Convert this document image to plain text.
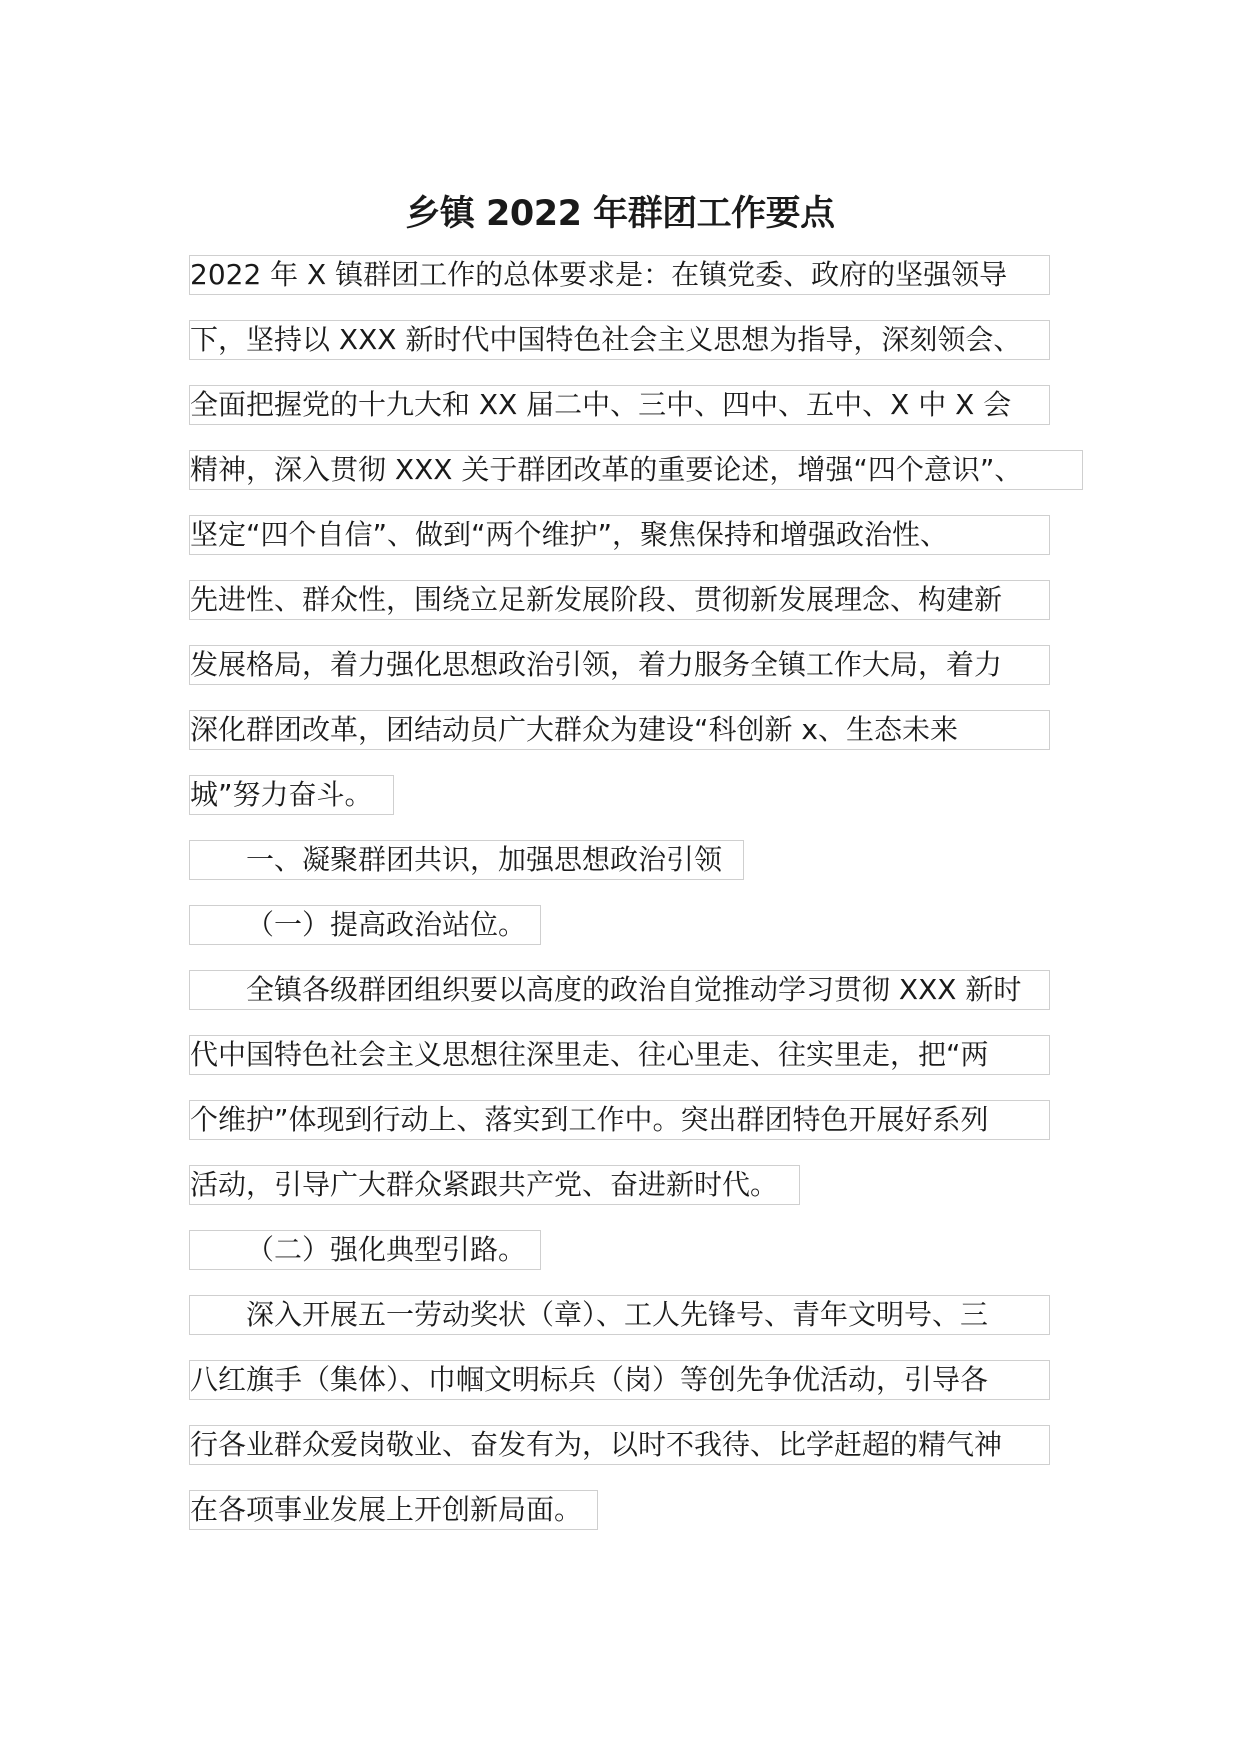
乡镇 2022 年群团工作要点
2022 年 X 镇群团工作的总体要求是：在镇党委、政府的坚强领导
下，坚持以 XXX 新时代中国特色社会主义思想为指导，深刻领会、
全面把握党的十九大和 XX 届二中、三中、四中、五中、X 中 X 会
精神，深入贯彻 XXX 关于群团改革的重要论述，增强“四个意识”、
坚定“四个自信”、做到“两个维护”，聚焦保持和增强政治性、
先进性、群众性，围绕立足新发展阶段、贯彻新发展理念、构建新
发展格局，着力强化思想政治引领，着力服务全镇工作大局，着力
深化群团改革，团结动员广大群众为建设“科创新 x、生态未来
城”努力奋斗。
一、凝聚群团共识，加强思想政治引领
（一）提高政治站位。
全镇各级群团组织要以高度的政治自觉推动学习贯彻 XXX 新时
代中国特色社会主义思想往深里走、往心里走、往实里走，把“两
个维护”体现到行动上、落实到工作中。突出群团特色开展好系列
活动，引导广大群众紧跟共产党、奋进新时代。
（二）强化典型引路。
深入开展五一劳动奖状（章）、工人先锋号、青年文明号、三
八红旗手（集体）、巾帼文明标兵（岗）等创先争优活动，引导各
行各业群众爱岗敬业、奋发有为，以时不我待、比学赶超的精气神
在各项事业发展上开创新局面。
